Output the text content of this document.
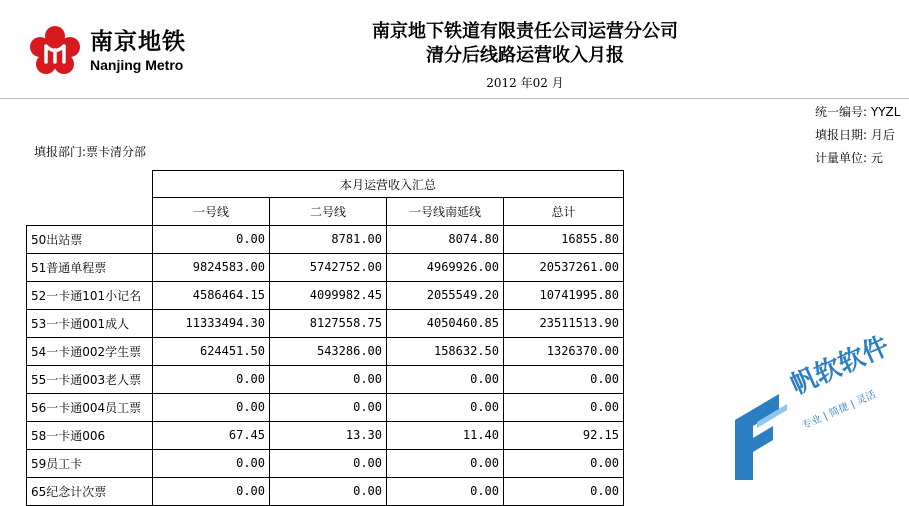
南京地铁
Nanjing Metro
南京地下铁道有限责任公司运营分公司
清分后线路运营收入月报
2012 年02 月
统一编号: YYZL
填报日期: 月后
计量单位: 元
填报部门:票卡清分部
	本月运营收入汇总			
	一号线	二号线	一号线南延线	总计
50出站票	0.00	8781.00	8074.80	16855.80
51普通单程票	9824583.00	5742752.00	4969926.00	20537261.00
52一卡通101小记名	4586464.15	4099982.45	2055549.20	10741995.80
53一卡通001成人	11333494.30	8127558.75	4050460.85	23511513.90
54一卡通002学生票	624451.50	543286.00	158632.50	1326370.00
55一卡通003老人票	0.00	0.00	0.00	0.00
56一卡通004员工票	0.00	0.00	0.00	0.00
58一卡通006	67.45	13.30	11.40	92.15
59员工卡	0.00	0.00	0.00	0.00
65纪念计次票	0.00	0.00	0.00	0.00
帆软软件
专业 | 简捷 | 灵活
